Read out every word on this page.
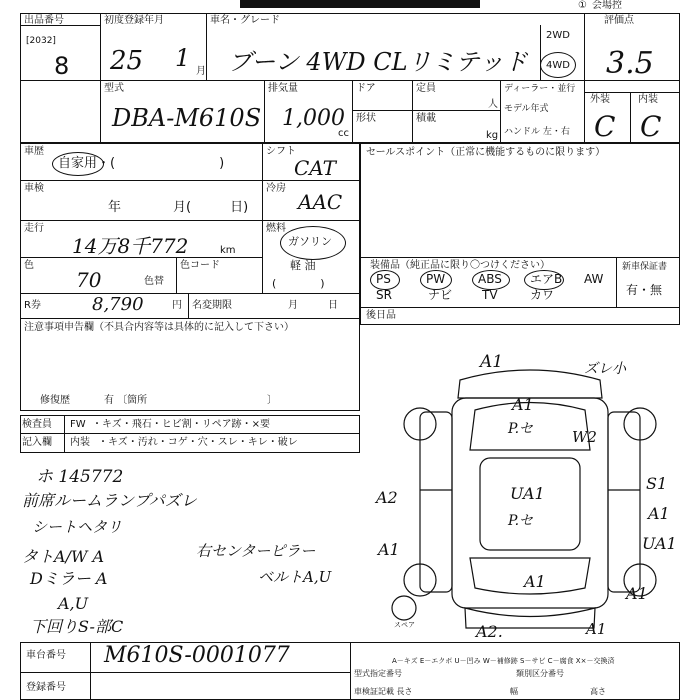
① 会場控
出品番号
[2032]
8
初度登録年月
25 1 月
車名・グレード
ブーン 4WD CLリミテッド
2WD
4WD
評価点
3.5
外装	内装
C C
型式
DBA-M610S
排気量
1,000
cc
ドア
形状
定員
人
積載
kg
ディーラー・並行
モデル年式
ハンドル 左・右
車歴
自家用・(　　　　　　　　)
車検
年　　　　月(　　　日)
走行
14万8千772	km
色
70	色替
色コード
R券	8,790	円 名変期限	月　　　日
注意事項申告欄（不具合内容等は具体的に記入して下さい）
修復歴	有 〔箇所　　　　　　　　　　　　〕
シフト
CAT
冷房
AAC
燃料
ガソリン
軽 油
(　　　　)
セールスポイント（正常に機能するものに限ります）
装備品（純正品に限り〇つけください）	新車保証書
有・無
PS	PW	ABS エアB AW
SR	ナビ TV	カワ
後日品
検査員
記入欄
FW ・キズ・飛石・ヒビ割・リペア跡・×要
内装 ・キズ・汚れ・コゲ・穴・スレ・キレ・破レ
ホ 145772
前席ルームランプパズレ
シートヘタリ
タトA/W A
Dミラー A
A,U
下回りS-部C
右センターピラー
ベルトA,U
A1	ズレ小
A1
P.セ	W2
A2	UA1
P.セ
S1
A1
UA1
A1
A1
A1
A2.	A1
スペア
車台番号 M610S-0001077
登録番号
A－キズ E－エクボ U－凹み W－補修跡 S－サビ C－腐食 X×－交換済
型式指定番号	類別区分番号
車検証記載 長さ	幅	高さ
